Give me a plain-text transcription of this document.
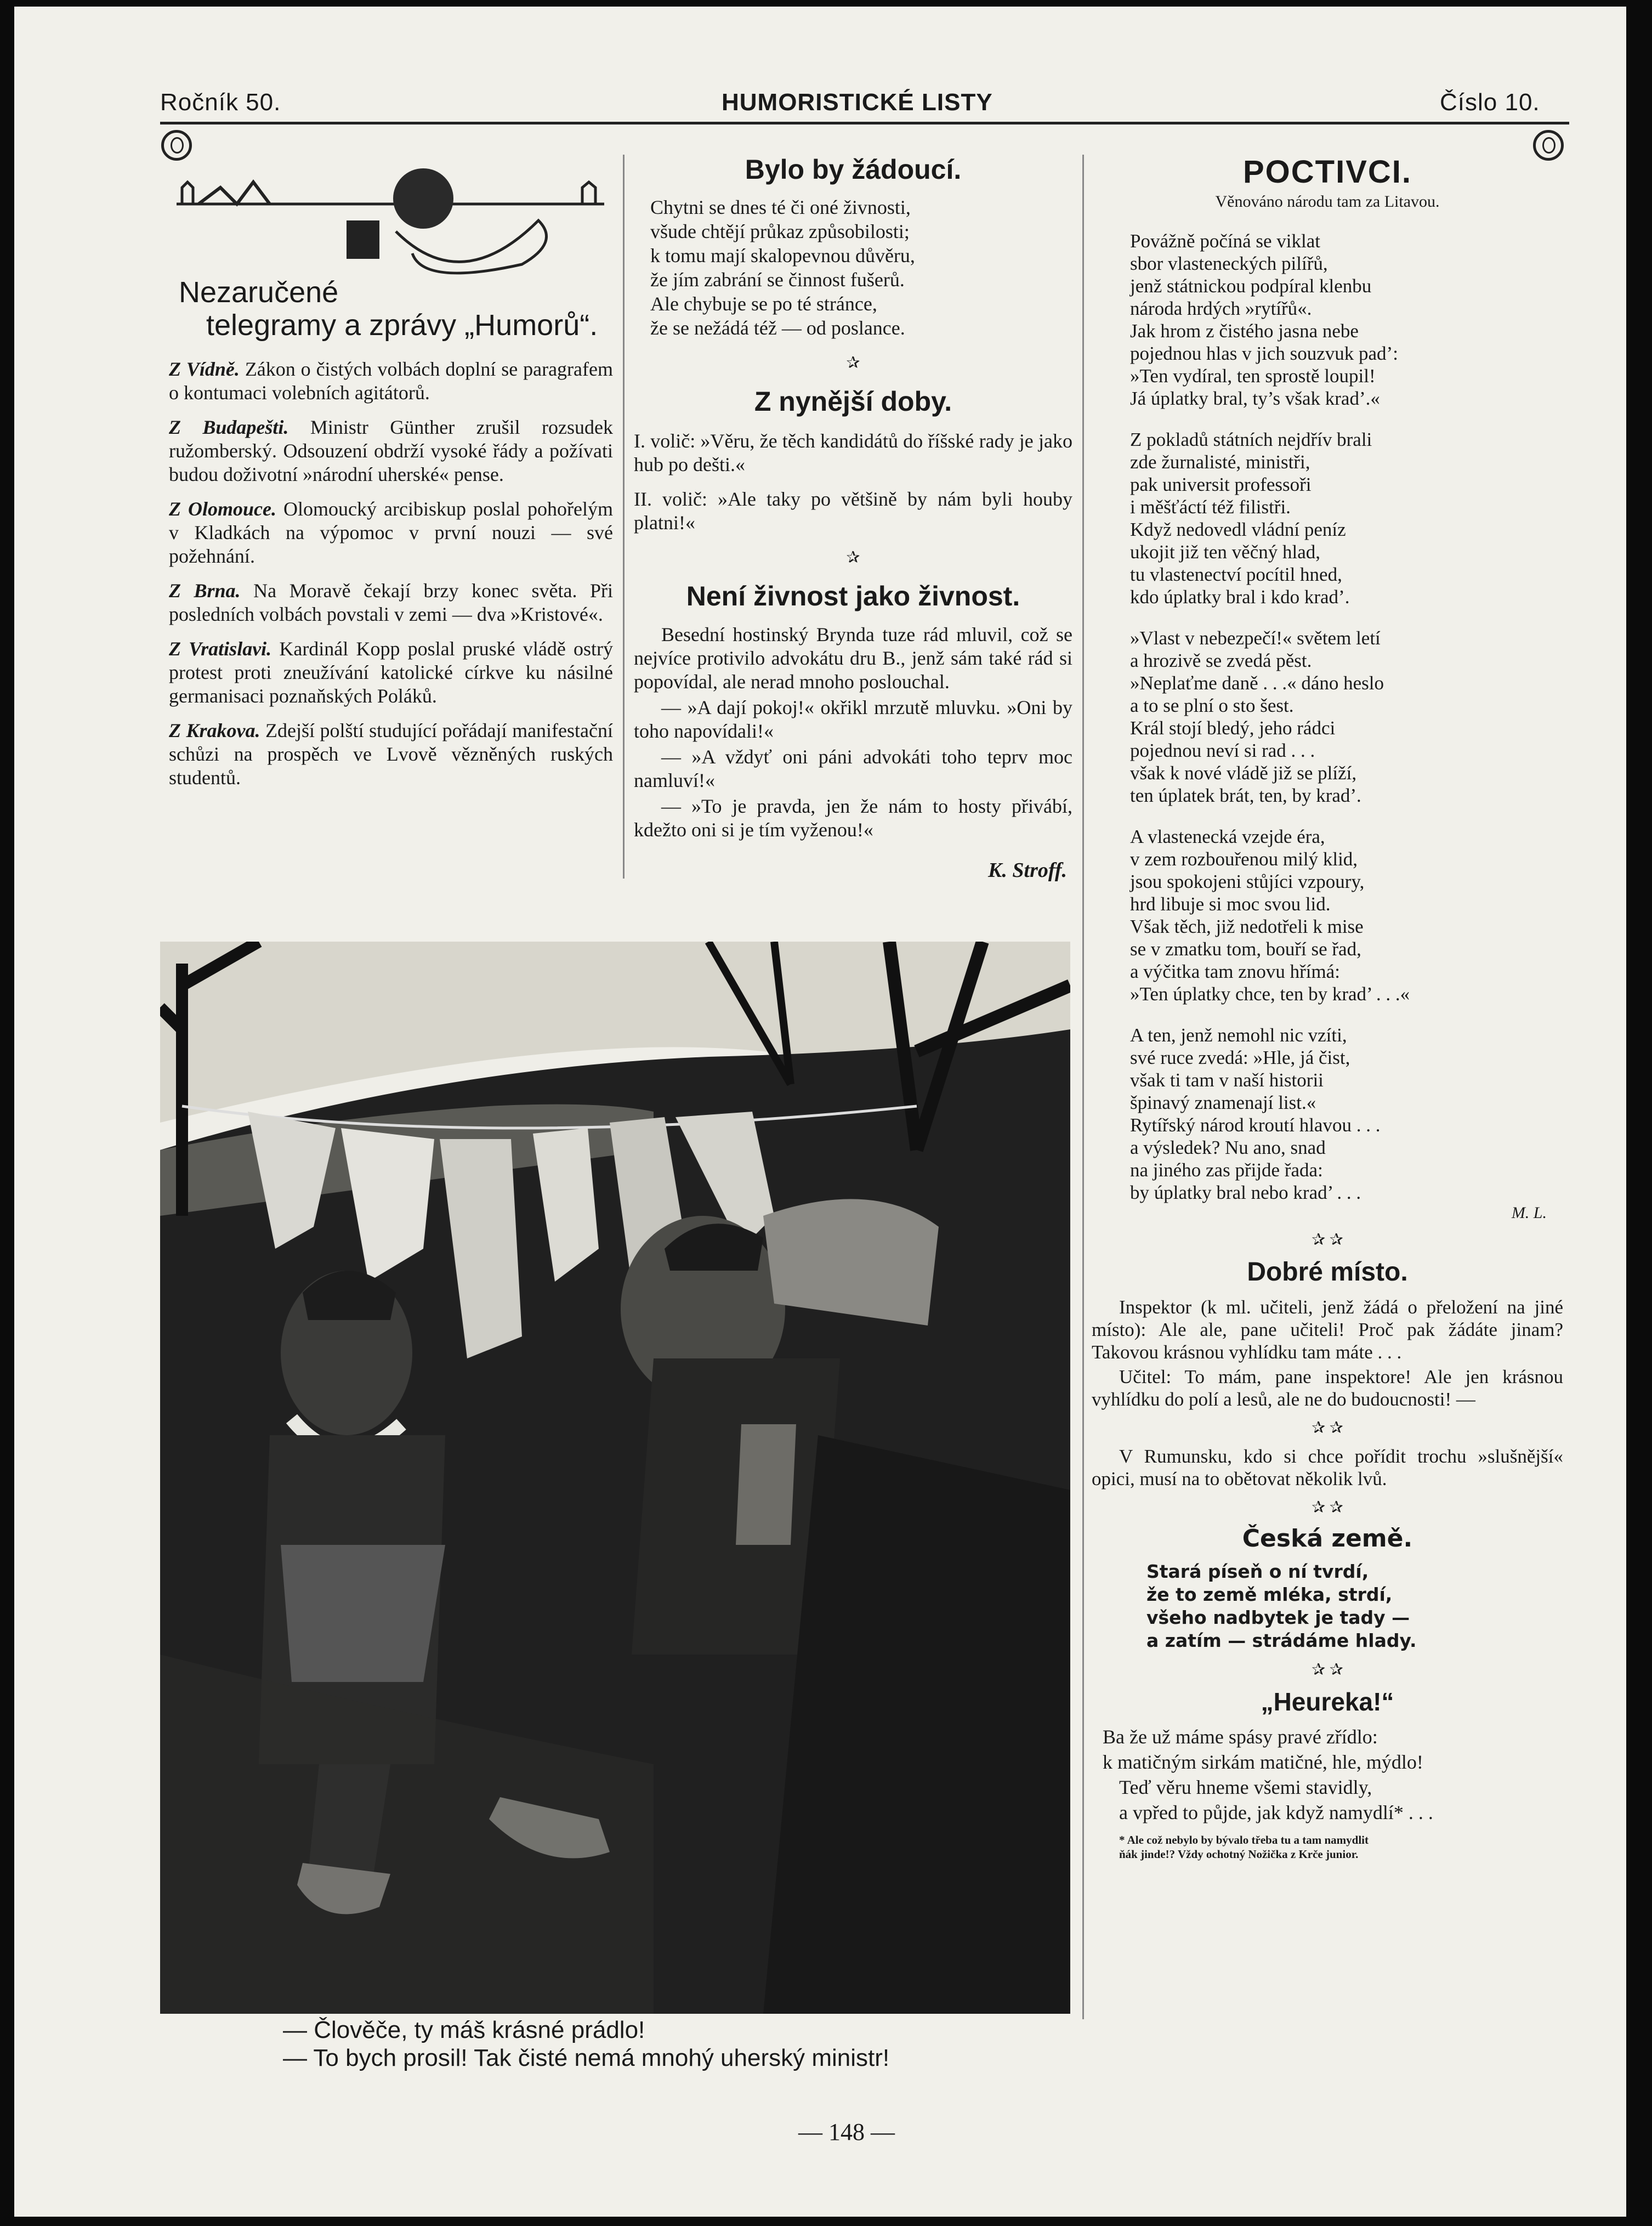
Ročník 50.	HUMORISTICKÉ LISTY	Číslo 10.
Nezaručené
telegramy a zprávy „Humorů“.

Z Vídně. Zákon o čistých volbách doplní se paragrafem o kontumaci volebních agitátorů.

Z Budapešti. Ministr Günther zrušil rozsudek ružomberský. Odsouzení obdrží vysoké řády a požívati budou doživotní »národní uherské« pense.

Z Olomouce. Olomoucký arcibiskup poslal pohořelým v Kladkách na výpomoc v první nouzi — své požehnání.

Z Brna. Na Moravě čekají brzy konec světa. Při posledních volbách povstali v zemi — dva »Kristové«.

Z Vratislavi. Kardinál Kopp poslal pruské vládě ostrý protest proti zneužívání katolické církve ku násilné germanisaci poznaňských Poláků.

Z Krakova. Zdejší polští studující pořádají manifestační schůzi na prospěch ve Lvově vězněných ruských studentů.

Bylo by žádoucí.
Chytni se dnes té či oné živnosti,
všude chtějí průkaz způsobilosti;
k tomu mají skalopevnou důvěru,
že jím zabrání se činnost fušerů.
Ale chybuje se po té stránce,
že se nežádá též — od poslance.
✰
Z nynější doby.

I. volič: »Věru, že těch kandidátů do říšské rady je jako hub po dešti.«

II. volič: »Ale taky po většině by nám byli houby platni!«

✰
Není živnost jako živnost.

Besední hostinský Brynda tuze rád mluvil, což se nejvíce protivilo advokátu dru B., jenž sám také rád si popovídal, ale nerad mnoho poslouchal.

— »A dají pokoj!« okřikl mrzutě mluvku. »Oni by toho napovídali!«

— »A vždyť oni páni advokáti toho teprv moc namluví!«

— »To je pravda, jen že nám to hosty přivábí, kdežto oni si je tím vyženou!«

K. Stroff.
— Člověče, ty máš krásné prádlo!
— To bych prosil! Tak čisté nemá mnohý uherský ministr!
POCTIVCI.
Věnováno národu tam za Litavou.
Povážně počíná se viklat
sbor vlasteneckých pilířů,
jenž státnickou podpíral klenbu
národa hrdých »rytířů«.
Jak hrom z čistého jasna nebe
pojednou hlas v jich souzvuk pad’:
»Ten vydíral, ten sprostě loupil!
Já úplatky bral, ty’s však krad’.«
Z pokladů státních nejdřív brali
zde žurnalisté, ministři,
pak universit professoři
i měšťáctí též filistři.
Když nedovedl vládní peníz
ukojit již ten věčný hlad,
tu vlastenectví pocítil hned,
kdo úplatky bral i kdo krad’.
»Vlast v nebezpečí!« světem letí
a hrozivě se zvedá pěst.
»Neplaťme daně . . .« dáno heslo
a to se plní o sto šest.
Král stojí bledý, jeho rádci
pojednou neví si rad . . .
však k nové vládě již se plíží,
ten úplatek brát, ten, by krad’.
A vlastenecká vzejde éra,
v zem rozbouřenou milý klid,
jsou spokojeni stůjíci vzpoury,
hrd libuje si moc svou lid.
Však těch, již nedotřeli k mise
se v zmatku tom, bouří se řad,
a výčitka tam znovu hřímá:
»Ten úplatky chce, ten by krad’ . . .«
A ten, jenž nemohl nic vzíti,
své ruce zvedá: »Hle, já čist,
však ti tam v naší historii
špinavý znamenají list.«
Rytířský národ kroutí hlavou . . .
a výsledek? Nu ano, snad
na jiného zas přijde řada:
by úplatky bral nebo krad’ . . .
M. L.
✰ ✰
Dobré místo.

Inspektor (k ml. učiteli, jenž žádá o přeložení na jiné místo): Ale ale, pane učiteli! Proč pak žádáte jinam? Takovou krásnou vyhlídku tam máte . . .

Učitel: To mám, pane inspektore! Ale jen krásnou vyhlídku do polí a lesů, ale ne do budoucnosti! —

✰ ✰

V Rumunsku, kdo si chce pořídit trochu »slušnější« opici, musí na to obětovat několik lvů.

✰ ✰
Česká země.
Stará píseň o ní tvrdí,
že to země mléka, strdí,
všeho nadbytek je tady —
a zatím — strádáme hlady.
✰ ✰
„Heureka!“
Ba že už máme spásy pravé zřídlo:
k matičným sirkám matičné, hle, mýdlo!
Teď věru hneme všemi stavidly,
a vpřed to půjde, jak když namydlí* . . .
* Ale což nebylo by bývalo třeba tu a tam namydlit
ňák jinde!? Vždy ochotný Nožička z Krče junior.
— 148 —
